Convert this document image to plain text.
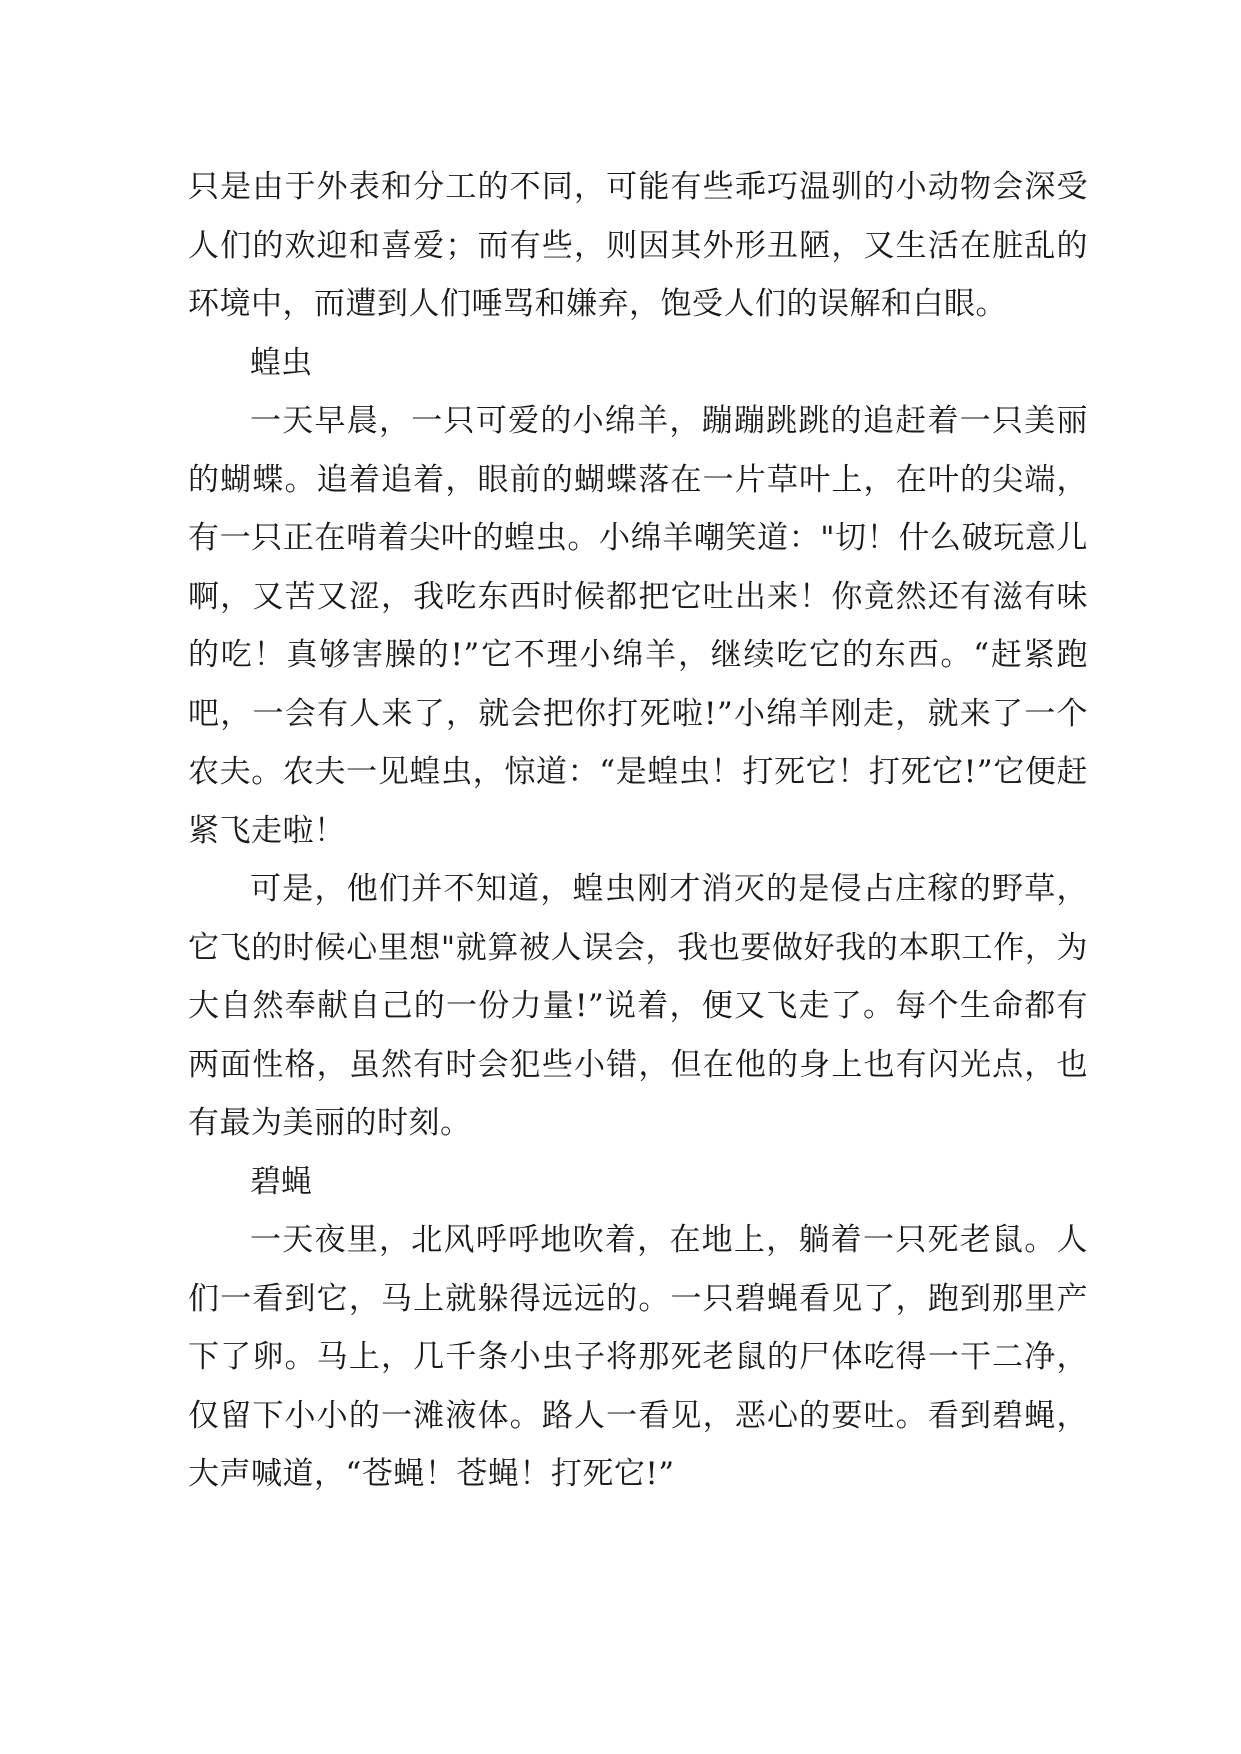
只是由于外表和分工的不同，可能有些乖巧温驯的小动物会深受人们的欢迎和喜爱；而有些，则因其外形丑陋，又生活在脏乱的环境中，而遭到人们唾骂和嫌弃，饱受人们的误解和白眼。

蝗虫

一天早晨，一只可爱的小绵羊，蹦蹦跳跳的追赶着一只美丽的蝴蝶。追着追着，眼前的蝴蝶落在一片草叶上，在叶的尖端，有一只正在啃着尖叶的蝗虫。小绵羊嘲笑道："切！什么破玩意儿啊，又苦又涩，我吃东西时候都把它吐出来！你竟然还有滋有味的吃！真够害臊的!”它不理小绵羊，继续吃它的东西。“赶紧跑吧，一会有人来了，就会把你打死啦!”小绵羊刚走，就来了一个农夫。农夫一见蝗虫，惊道：“是蝗虫！打死它！打死它!”它便赶紧飞走啦！

可是，他们并不知道，蝗虫刚才消灭的是侵占庄稼的野草，它飞的时候心里想"就算被人误会，我也要做好我的本职工作，为大自然奉献自己的一份力量!”说着，便又飞走了。每个生命都有两面性格，虽然有时会犯些小错，但在他的身上也有闪光点，也有最为美丽的时刻。

碧蝇

一天夜里，北风呼呼地吹着，在地上，躺着一只死老鼠。人们一看到它，马上就躲得远远的。一只碧蝇看见了，跑到那里产下了卵。马上，几千条小虫子将那死老鼠的尸体吃得一干二净，仅留下小小的一滩液体。路人一看见，恶心的要吐。看到碧蝇，大声喊道，“苍蝇！苍蝇！打死它!”
